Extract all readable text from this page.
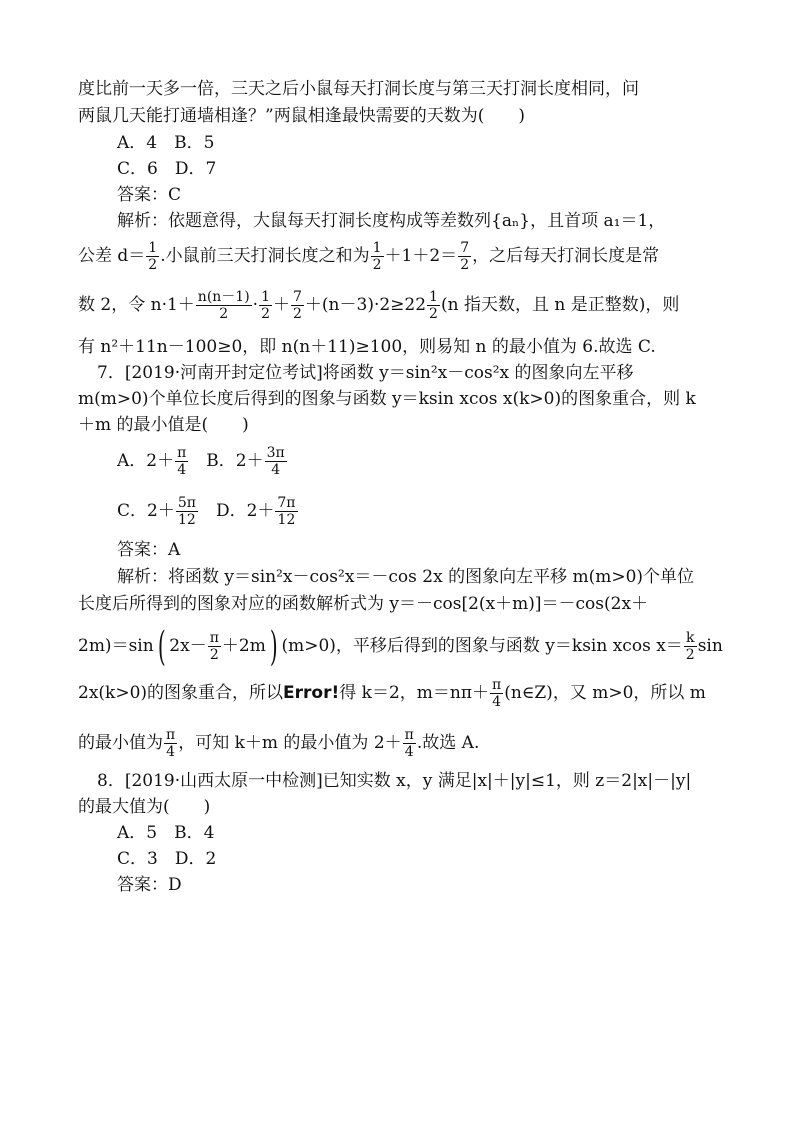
度比前一天多一倍，三天之后小鼠每天打洞长度与第三天打洞长度相同，问
两鼠几天能打通墙相逢？”两鼠相逢最快需要的天数为(　　)
A．4　B．5
C．6　D．7
答案：C
解析：依题意得，大鼠每天打洞长度构成等差数列{aₙ}，且首项 a₁＝1，
公差 $d= \frac{1}{2}$ .小鼠前三天打洞长度之和为 $\frac{1}{2} +1+2= \frac{7}{2}$ ，之后每天打洞长度是常
数 2，令 $n\cdot 1+ \frac{n(n-1)}{2} \cdot \frac{1}{2} + \frac{7}{2} +(n-3)\cdot 2\ge 22 \frac{1}{2} (n$ 指天数，且 n 是正整数)，则
有 n²＋11n－100≥0，即 n(n＋11)≥100，则易知 n 的最小值为 6.故选 C.
7．[2019·河南开封定位考试]将函数 y＝sin²x－cos²x 的图象向左平移
m(m>0)个单位长度后得到的图象与函数 y＝ksin xcos x(k>0)的图象重合，则 k
＋m 的最小值是(　　)
A．$2+ \frac{\pi}{4}$
　 B．$2+ \frac{3\pi}{4}$
C．$2+ \frac{5\pi}{12}$
　 D．$2+ \frac{7\pi}{12}$
答案：A
解析：将函数 y＝sin²x－cos²x＝－cos 2x 的图象向左平移 m(m>0)个单位
长度后所得到的图象对应的函数解析式为 y＝－cos[2(x＋m)]＝－cos(2x＋
2m)＝sin( $2x- \frac{\pi}{2} +2m$) (m>0)，平移后得到的图象与函数 y＝ksin xcos $x= \frac{k}{2}$ sin
2x(k>0)的图象重合，所以Error!得 k＝2，$m=n\pi+ \frac{\pi}{4}$ (n∈Z)，又 m>0，所以 m
的最小值为 $\frac{\pi}{4}$ ，可知 k＋m 的最小值为 $2+ \frac{\pi}{4}$ .故选 A.
8．[2019·山西太原一中检测]已知实数 x，y 满足|x|＋|y|≤1，则 z＝2|x|－|y|
的最大值为(　　)
A．5　B．4
C．3　D．2
答案：D
